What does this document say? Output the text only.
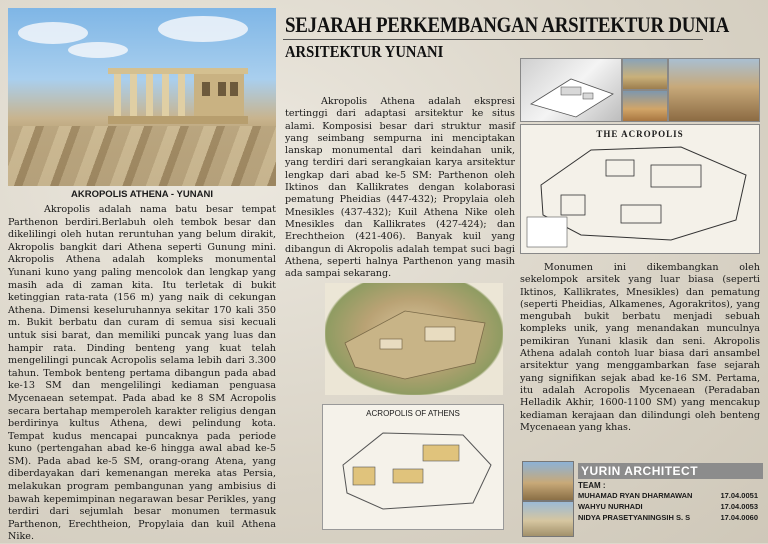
AKROPOLIS ATHENA - YUNANI

Akropolis adalah nama batu besar tempat Parthenon berdiri.Berlabuh oleh tembok besar dan dikelilingi oleh hutan reruntuhan yang belum dirakit, Akropolis bangkit dari Athena seperti Gunung mini. Akropolis Athena adalah kompleks monumental Yunani kuno yang paling mencolok dan lengkap yang masih ada di zaman kita. Itu terletak di bukit ketinggian rata-rata (156 m) yang naik di cekungan Athena. Dimensi keseluruhannya sekitar 170 kali 350 m. Bukit berbatu dan curam di semua sisi kecuali untuk sisi barat, dan memiliki puncak yang luas dan hampir rata. Dinding benteng yang kuat telah mengelilingi puncak Acropolis selama lebih dari 3.300 tahun. Tembok benteng pertama dibangun pada abad ke-13 SM dan mengelilingi kediaman penguasa Mycenaean setempat. Pada abad ke 8 SM Acropolis secara bertahap memperoleh karakter religius dengan berdirinya kultus Athena, dewi pelindung kota. Tempat kudus mencapai puncaknya pada periode kuno (pertengahan abad ke-6 hingga awal abad ke-5 SM). Pada abad ke-5 SM, orang-orang Atena, yang diberdayakan dari kemenangan mereka atas Persia, melakukan program pembangunan yang ambisius di bawah kepemimpinan negarawan besar Perikles, yang terdiri dari sejumlah besar monumen termasuk Parthenon, Erechtheion, Propylaia dan kuil Athena Nike.

SEJARAH PERKEMBANGAN ARSITEKTUR DUNIA
ARSITEKTUR YUNANI

Akropolis Athena adalah ekspresi tertinggi dari adaptasi arsitektur ke situs alami. Komposisi besar dari struktur masif yang seimbang sempurna ini menciptakan lanskap monumental dari keindahan unik, yang terdiri dari serangkaian karya arsitektur lengkap dari abad ke-5 SM: Parthenon oleh Iktinos dan Kallikrates dengan kolaborasi pematung Pheidias (447-432); Propylaia oleh Mnesikles (437-432); Kuil Athena Nike oleh Mnesikles dan Kallikrates (427-424); dan Erechtheion (421-406). Banyak kuil yang dibangun di Akropolis adalah tempat suci bagi Athena, seperti halnya Parthenon yang masih ada sampai sekarang.

THE ACROPOLIS

Monumen ini dikembangkan oleh sekelompok arsitek yang luar biasa (seperti Iktinos, Kallikrates, Mnesikles) dan pematung (seperti Pheidias, Alkamenes, Agorakritos), yang mengubah bukit berbatu menjadi sebuah kompleks unik, yang menandakan munculnya pemikiran Yunani klasik dan seni. Akropolis Athena adalah contoh luar biasa dari ansambel arsitektur yang menggambarkan fase sejarah yang signifikan sejak abad ke-16 SM. Pertama, itu adalah Acropolis Mycenaean (Peradaban Helladik Akhir, 1600-1100 SM) yang mencakup kediaman kerajaan dan dilindungi oleh benteng Mycenaean yang khas.

ACROPOLIS OF ATHENS
YURIN ARCHITECT
TEAM :
MUHAMAD RYAN DHARMAWAN	17.04.0051
WAHYU NURHADI	17.04.0053
NIDYA PRASETYANINGSIH S. S	17.04.0060
